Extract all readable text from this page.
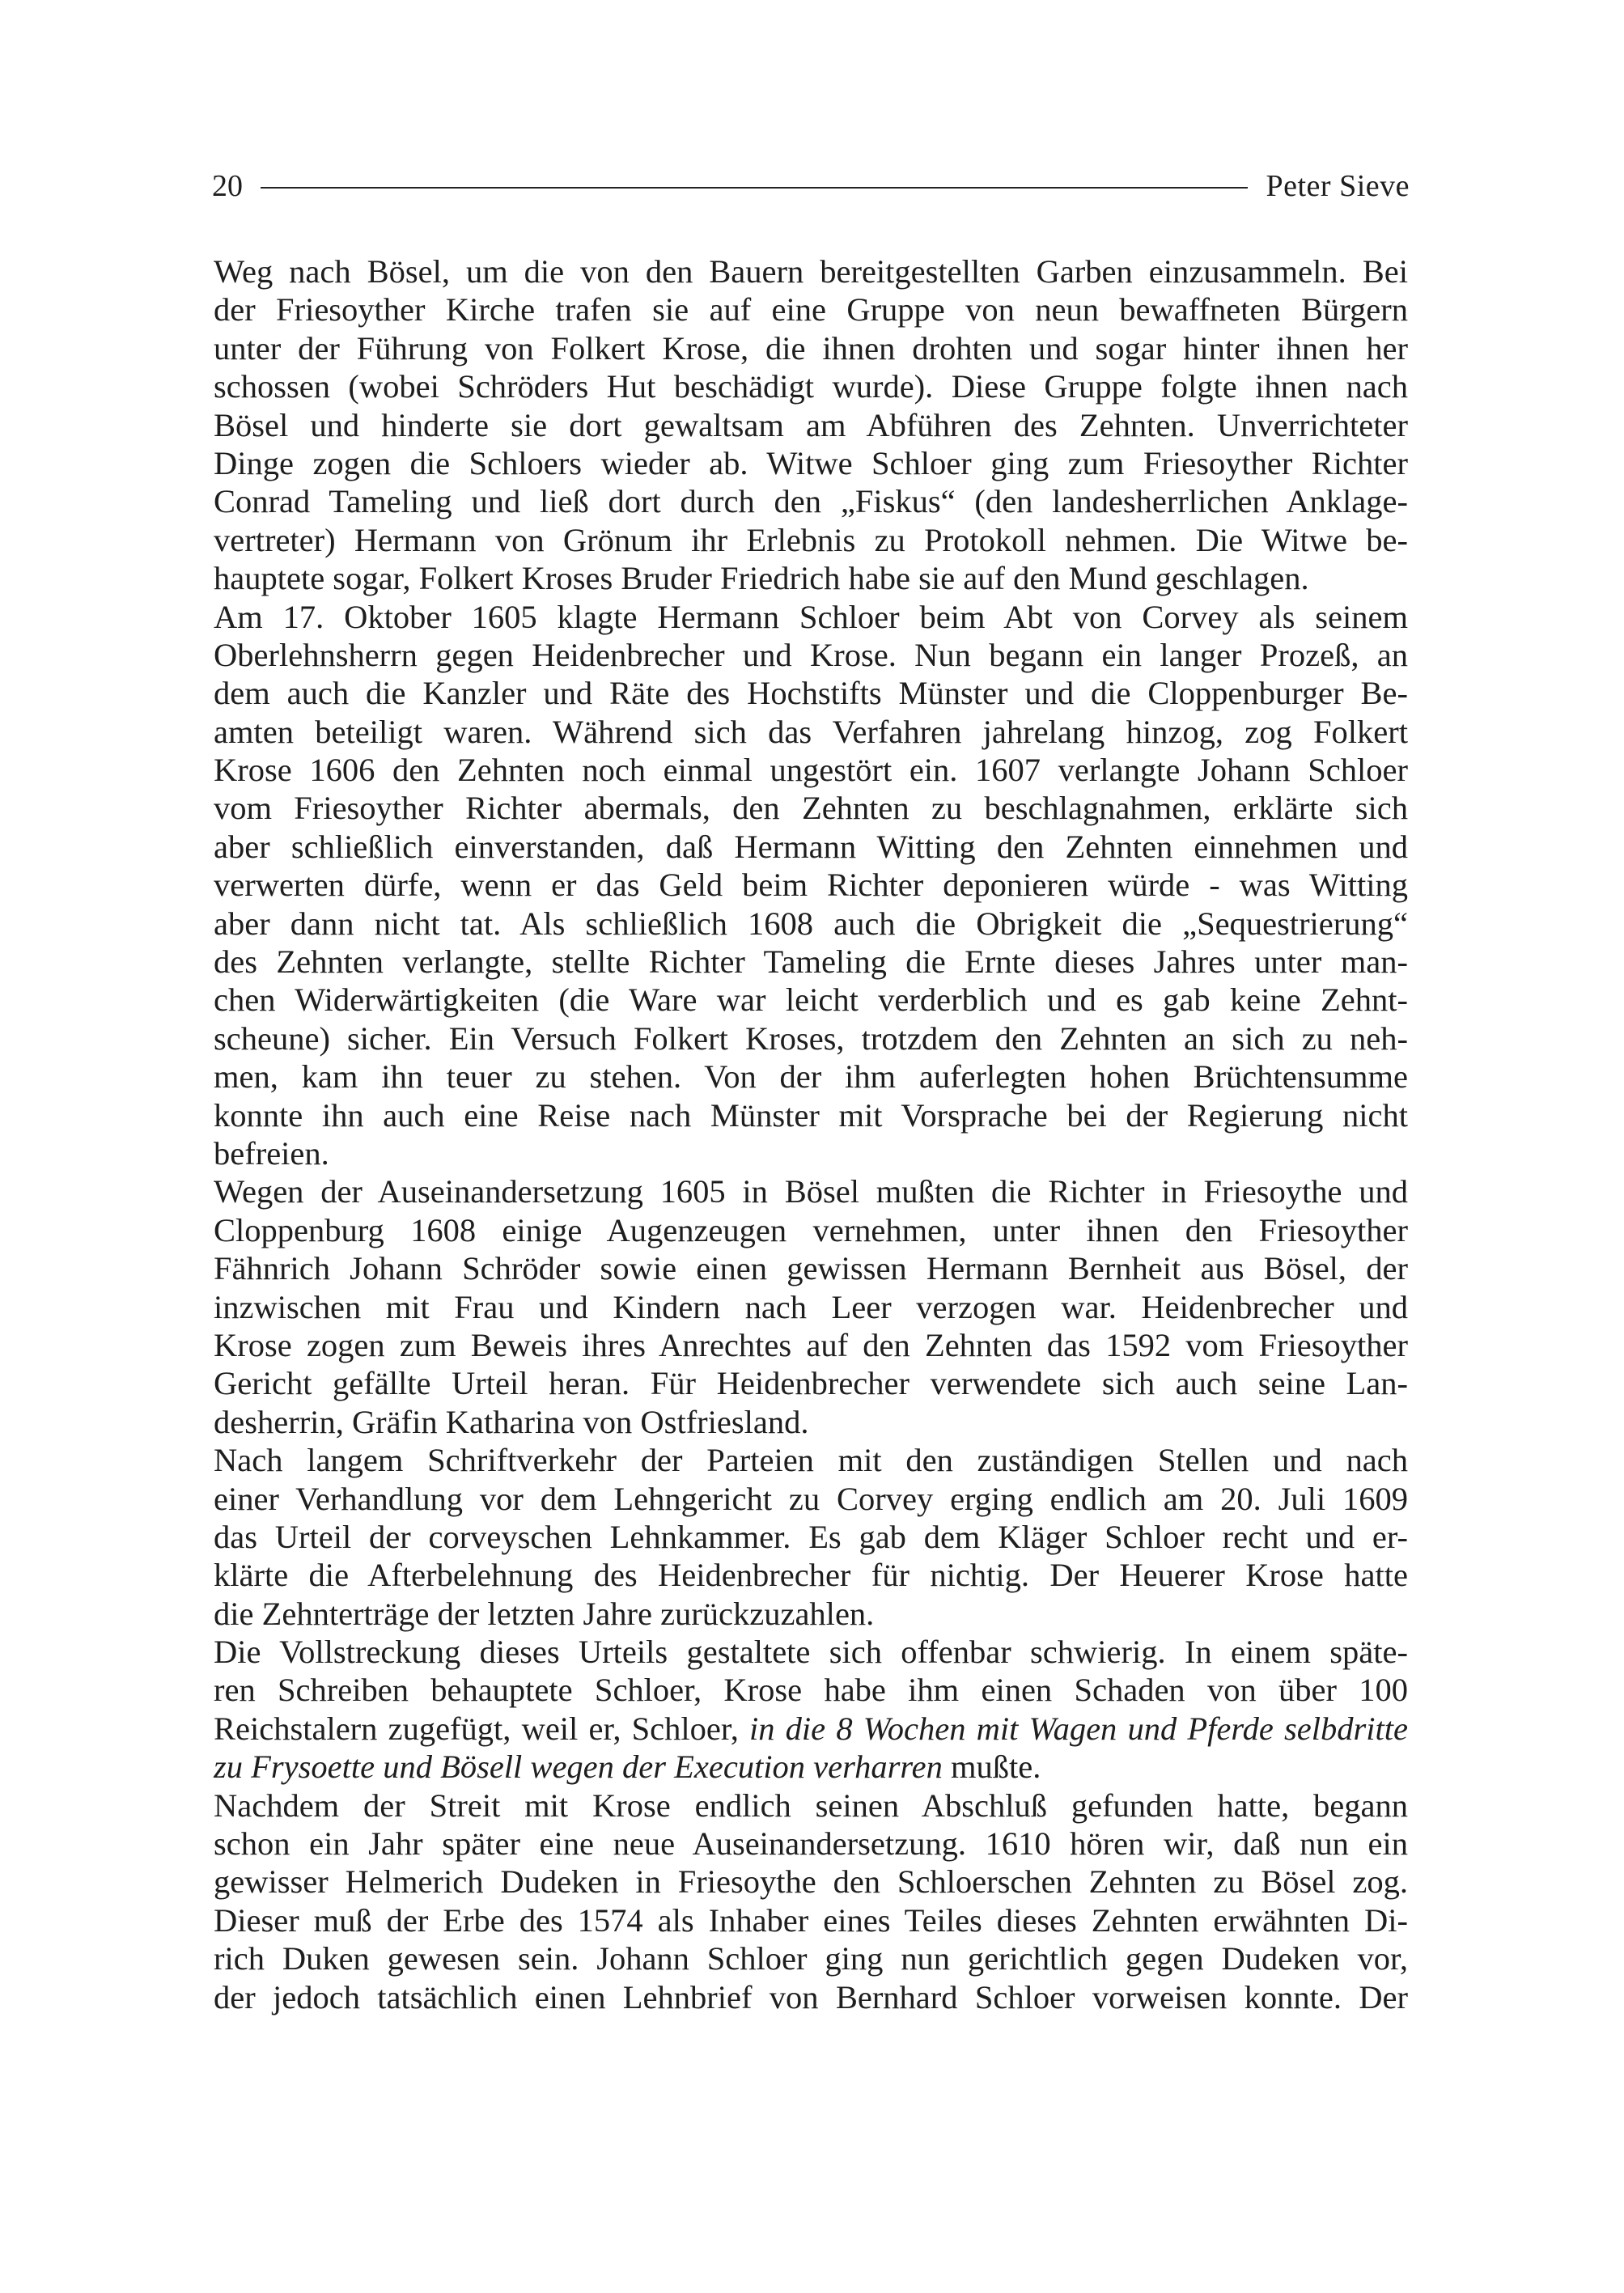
20	Peter Sieve
Weg nach Bösel, um die von den Bauern bereitgestellten Garben einzusammeln. Bei
der Friesoyther Kirche trafen sie auf eine Gruppe von neun bewaffneten Bürgern
unter der Führung von Folkert Krose, die ihnen drohten und sogar hinter ihnen her
schossen (wobei Schröders Hut beschädigt wurde). Diese Gruppe folgte ihnen nach
Bösel und hinderte sie dort gewaltsam am Abführen des Zehnten. Unverrichteter
Dinge zogen die Schloers wieder ab. Witwe Schloer ging zum Friesoyther Richter
Conrad Tameling und ließ dort durch den „Fiskus“ (den landesherrlichen Anklage-
vertreter) Hermann von Grönum ihr Erlebnis zu Protokoll nehmen. Die Witwe be-
hauptete sogar, Folkert Kroses Bruder Friedrich habe sie auf den Mund geschlagen.
Am 17. Oktober 1605 klagte Hermann Schloer beim Abt von Corvey als seinem
Oberlehnsherrn gegen Heidenbrecher und Krose. Nun begann ein langer Prozeß, an
dem auch die Kanzler und Räte des Hochstifts Münster und die Cloppenburger Be-
amten beteiligt waren. Während sich das Verfahren jahrelang hinzog, zog Folkert
Krose 1606 den Zehnten noch einmal ungestört ein. 1607 verlangte Johann Schloer
vom Friesoyther Richter abermals, den Zehnten zu beschlagnahmen, erklärte sich
aber schließlich einverstanden, daß Hermann Witting den Zehnten einnehmen und
verwerten dürfe, wenn er das Geld beim Richter deponieren würde - was Witting
aber dann nicht tat. Als schließlich 1608 auch die Obrigkeit die „Sequestrierung“
des Zehnten verlangte, stellte Richter Tameling die Ernte dieses Jahres unter man-
chen Widerwärtigkeiten (die Ware war leicht verderblich und es gab keine Zehnt-
scheune) sicher. Ein Versuch Folkert Kroses, trotzdem den Zehnten an sich zu neh-
men, kam ihn teuer zu stehen. Von der ihm auferlegten hohen Brüchtensumme
konnte ihn auch eine Reise nach Münster mit Vorsprache bei der Regierung nicht
befreien.
Wegen der Auseinandersetzung 1605 in Bösel mußten die Richter in Friesoythe und
Cloppenburg 1608 einige Augenzeugen vernehmen, unter ihnen den Friesoyther
Fähnrich Johann Schröder sowie einen gewissen Hermann Bernheit aus Bösel, der
inzwischen mit Frau und Kindern nach Leer verzogen war. Heidenbrecher und
Krose zogen zum Beweis ihres Anrechtes auf den Zehnten das 1592 vom Friesoyther
Gericht gefällte Urteil heran. Für Heidenbrecher verwendete sich auch seine Lan-
desherrin, Gräfin Katharina von Ostfriesland.
Nach langem Schriftverkehr der Parteien mit den zuständigen Stellen und nach
einer Verhandlung vor dem Lehngericht zu Corvey erging endlich am 20. Juli 1609
das Urteil der corveyschen Lehnkammer. Es gab dem Kläger Schloer recht und er-
klärte die Afterbelehnung des Heidenbrecher für nichtig. Der Heuerer Krose hatte
die Zehnterträge der letzten Jahre zurückzuzahlen.
Die Vollstreckung dieses Urteils gestaltete sich offenbar schwierig. In einem späte-
ren Schreiben behauptete Schloer, Krose habe ihm einen Schaden von über 100
Reichstalern zugefügt, weil er, Schloer, in die 8 Wochen mit Wagen und Pferde selbdritte
zu Frysoette und Bösell wegen der Execution verharren mußte.
Nachdem der Streit mit Krose endlich seinen Abschluß gefunden hatte, begann
schon ein Jahr später eine neue Auseinandersetzung. 1610 hören wir, daß nun ein
gewisser Helmerich Dudeken in Friesoythe den Schloerschen Zehnten zu Bösel zog.
Dieser muß der Erbe des 1574 als Inhaber eines Teiles dieses Zehnten erwähnten Di-
rich Duken gewesen sein. Johann Schloer ging nun gerichtlich gegen Dudeken vor,
der jedoch tatsächlich einen Lehnbrief von Bernhard Schloer vorweisen konnte. Der
